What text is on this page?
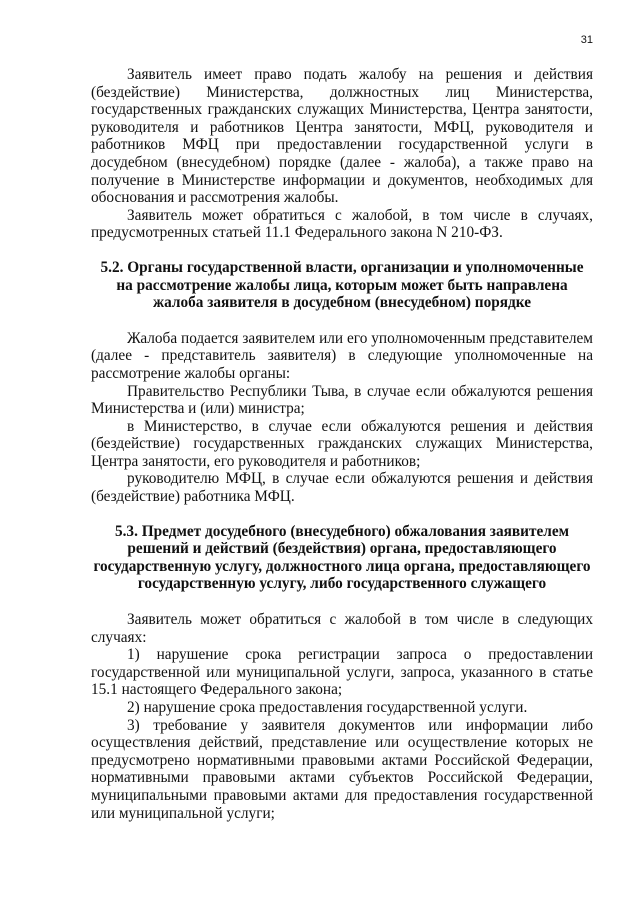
31

Заявитель имеет право подать жалобу на решения и действия (бездействие) Министерства, должностных лиц Министерства, государственных гражданских служащих Министерства, Центра занятости, руководителя и работников Центра занятости, МФЦ, руководителя и работников МФЦ при предоставлении государственной услуги в досудебном (внесудебном) порядке (далее - жалоба), а также право на получение в Министерстве информации и документов, необходимых для обоснования и рассмотрения жалобы.

Заявитель может обратиться с жалобой, в том числе в случаях, предусмотренных статьей 11.1 Федерального закона N 210-ФЗ.

5.2. Органы государственной власти, организации и уполномоченные на рассмотрение жалобы лица, которым может быть направлена жалоба заявителя в досудебном (внесудебном) порядке

Жалоба подается заявителем или его уполномоченным представителем (далее - представитель заявителя) в следующие уполномоченные на рассмотрение жалобы органы:

Правительство Республики Тыва, в случае если обжалуются решения Министерства и (или) министра;

в Министерство, в случае если обжалуются решения и действия (бездействие) государственных гражданских служащих Министерства, Центра занятости, его руководителя и работников;

руководителю МФЦ, в случае если обжалуются решения и действия (бездействие) работника МФЦ.

5.3. Предмет досудебного (внесудебного) обжалования заявителем решений и действий (бездействия) органа, предоставляющего государственную услугу, должностного лица органа, предоставляющего государственную услугу, либо государственного служащего

Заявитель может обратиться с жалобой в том числе в следующих случаях:

1) нарушение срока регистрации запроса о предоставлении государственной или муниципальной услуги, запроса, указанного в статье 15.1 настоящего Федерального закона;

2) нарушение срока предоставления государственной услуги.

3) требование у заявителя документов или информации либо осуществления действий, представление или осуществление которых не предусмотрено нормативными правовыми актами Российской Федерации, нормативными правовыми актами субъектов Российской Федерации, муниципальными правовыми актами для предоставления государственной или муниципальной услуги;
